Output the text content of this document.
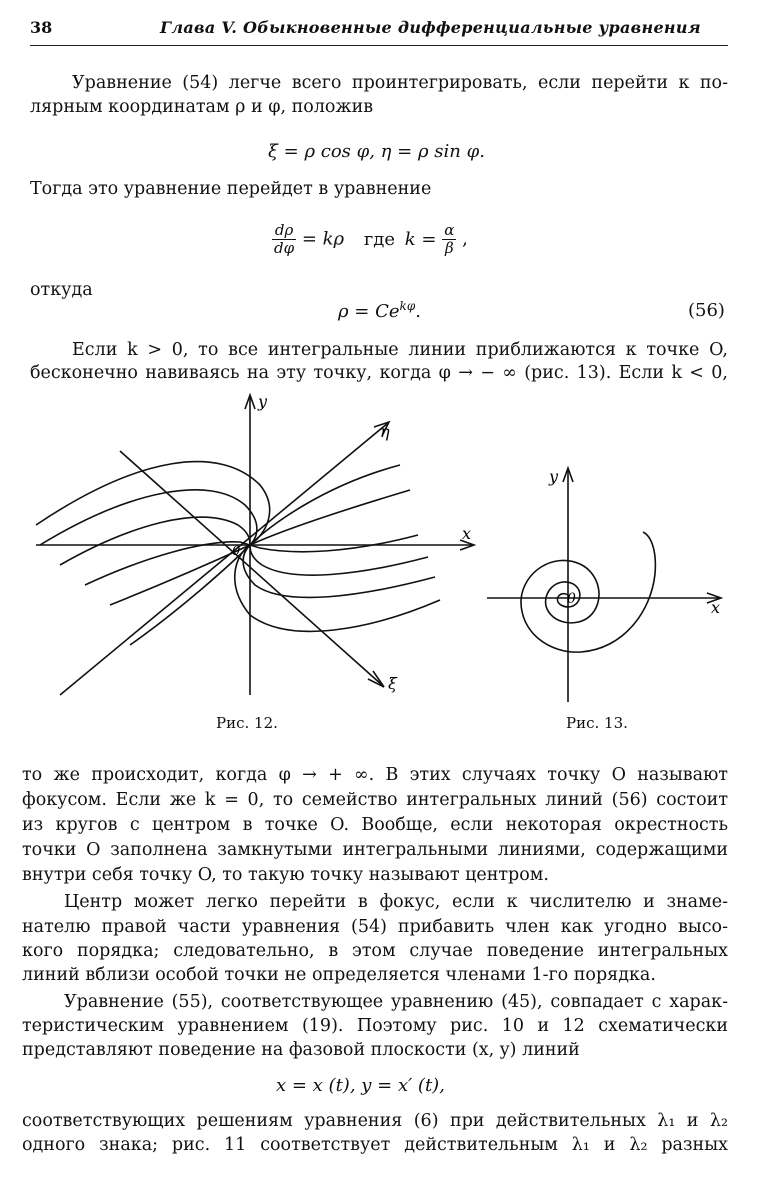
38	Глава V. Обыкновенные дифференциальные уравнения
Уравнение (54) легче всего проинтегрировать, если перейти к по-
лярным координатам ρ и φ, положив
ξ = ρ cos φ, η = ρ sin φ.
Тогда это уравнение перейдет в уравнение
$\frac{d\rho}{d\varphi} = k\rho$ где $k = \frac{\alpha}{\beta}$ ,
откуда
$\rho = Ce^{k\varphi}$.	(56)
Если k > 0, то все интегральные линии приближаются к точке O,
бесконечно навиваясь на эту точку, когда φ → − ∞ (рис. 13). Если k < 0,
y
x
η
ξ
0
Рис. 12.
y
x
0
Рис. 13.
то же происходит, когда φ → + ∞. В этих случаях точку O называют
фокусом. Если же k = 0, то семейство интегральных линий (56) состоит
из кругов с центром в точке O. Вообще, если некоторая окрестность
точки O заполнена замкнутыми интегральными линиями, содержащими
внутри себя точку O, то такую точку называют центром.
Центр может легко перейти в фокус, если к числителю и знаме-
нателю правой части уравнения (54) прибавить член как угодно высо-
кого порядка; следовательно, в этом случае поведение интегральных
линий вблизи особой точки не определяется членами 1-го порядка.
Уравнение (55), соответствующее уравнению (45), совпадает с харак-
теристическим уравнением (19). Поэтому рис. 10 и 12 схематически
представляют поведение на фазовой плоскости (x, y) линий
x = x (t), y = x′ (t),
соответствующих решениям уравнения (6) при действительных λ₁ и λ₂
одного знака; рис. 11 соответствует действительным λ₁ и λ₂ разных
